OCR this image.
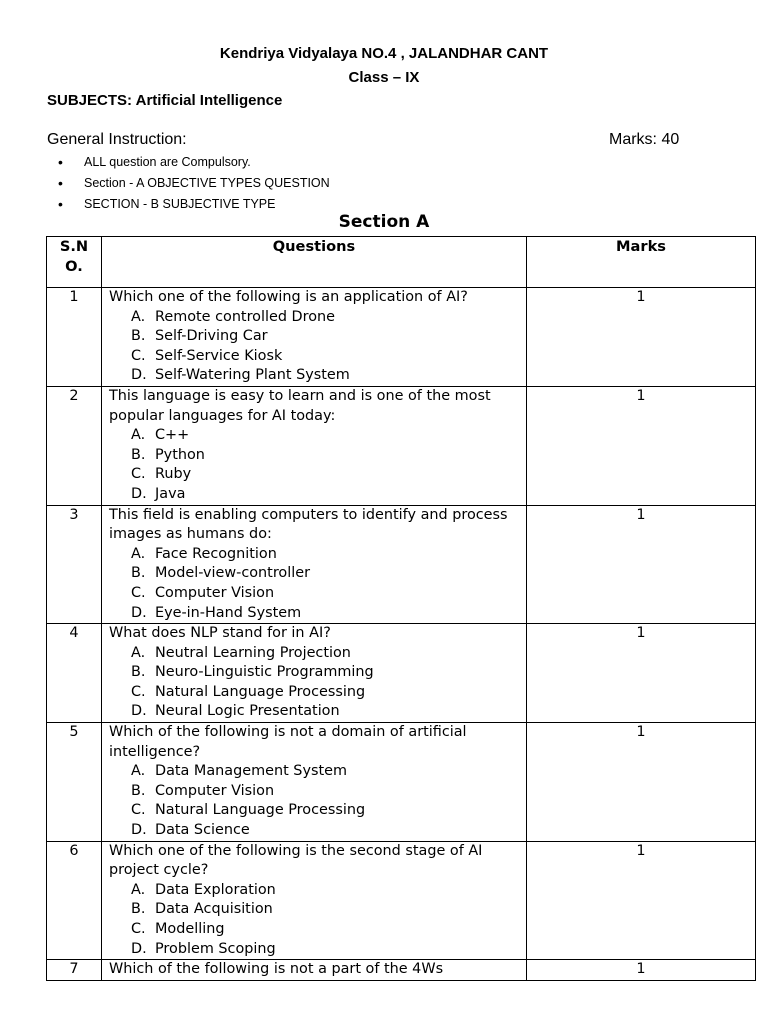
Kendriya Vidyalaya NO.4 , JALANDHAR CANT
Class – IX
SUBJECTS: Artificial Intelligence
General Instruction:	Marks: 40
• ALL question are Compulsory.
• Section - A OBJECTIVE TYPES QUESTION
• SECTION - B SUBJECTIVE TYPE
Section A
S.N
O.	Questions	Marks
1	Which one of the following is an application of AI?
A. Remote controlled Drone
B. Self-Driving Car
C. Self-Service Kiosk
D. Self-Watering Plant System	1
2	This language is easy to learn and is one of the most popular languages for AI today:
A. C++
B. Python
C. Ruby
D. Java	1
3	This field is enabling computers to identify and process images as humans do:
A. Face Recognition
B. Model-view-controller
C. Computer Vision
D. Eye-in-Hand System	1
4	What does NLP stand for in AI?
A. Neutral Learning Projection
B. Neuro-Linguistic Programming
C. Natural Language Processing
D. Neural Logic Presentation	1
5	Which of the following is not a domain of artificial intelligence?
A. Data Management System
B. Computer Vision
C. Natural Language Processing
D. Data Science	1
6	Which one of the following is the second stage of AI project cycle?
A. Data Exploration
B. Data Acquisition
C. Modelling
D. Problem Scoping	1
7	Which of the following is not a part of the 4Ws	1
